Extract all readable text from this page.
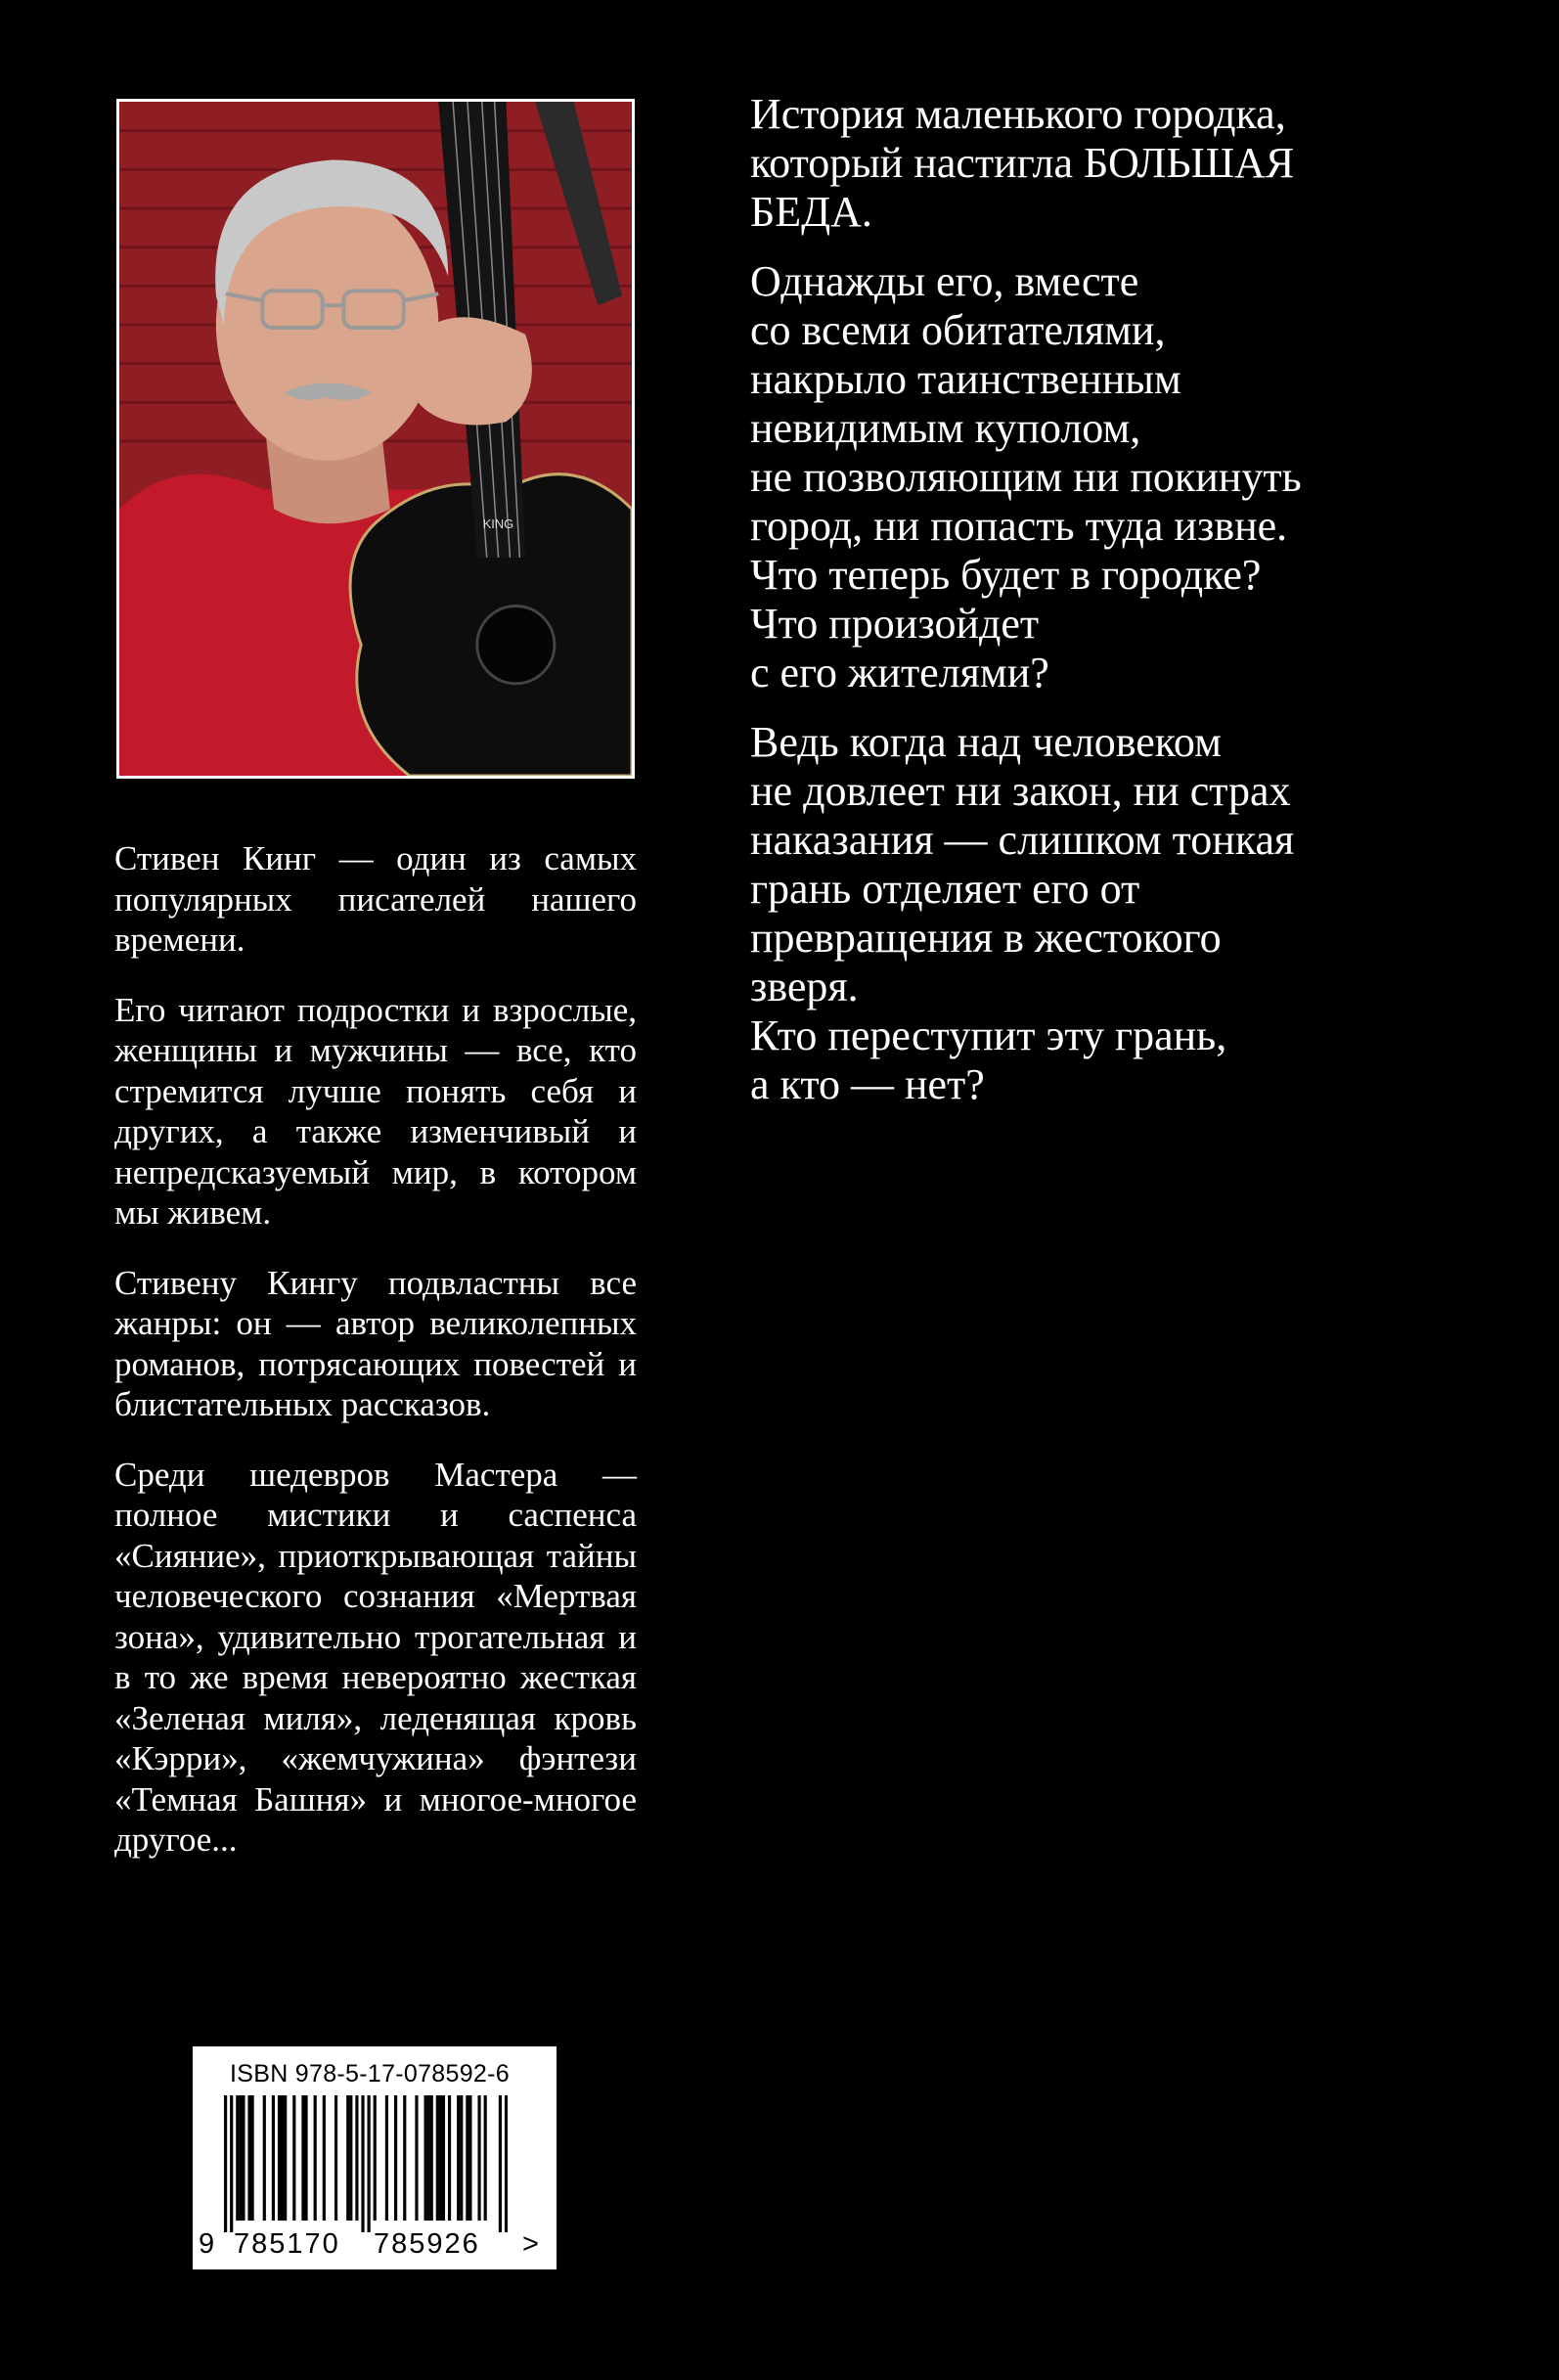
KING

Стивен Кинг — один из самых популярных писателей нашего времени.

Его читают подростки и взрослые, женщины и мужчины — все, кто стремится лучше понять себя и других, а также изменчивый и непредсказуемый мир, в котором мы живем.

Стивену Кингу подвластны все жанры: он — автор великолепных романов, потрясающих повестей и блистательных рассказов.

Среди шедевров Мастера — полное мистики и саспенса «Сияние», приоткрывающая тайны человеческого сознания «Мертвая зона», удивительно трогательная и в то же время невероятно жесткая «Зеленая миля», леденящая кровь «Кэрри», «жемчужина» фэнтези «Темная Башня» и многое-многое другое...

История маленького городка,
который настигла БОЛЬШАЯ
БЕДА.

Однажды его, вместе
со всеми обитателями,
накрыло таинственным
невидимым куполом,
не позволяющим ни покинуть
город, ни попасть туда извне.
Что теперь будет в городке?
Что произойдет
с его жителями?

Ведь когда над человеком
не довлеет ни закон, ни страх
наказания — слишком тонкая
грань отделяет его от
превращения в жестокого
зверя.
Кто переступит эту грань,
а кто — нет?

ISBN 978-5-17-078592-6
9 785170 785926 >
